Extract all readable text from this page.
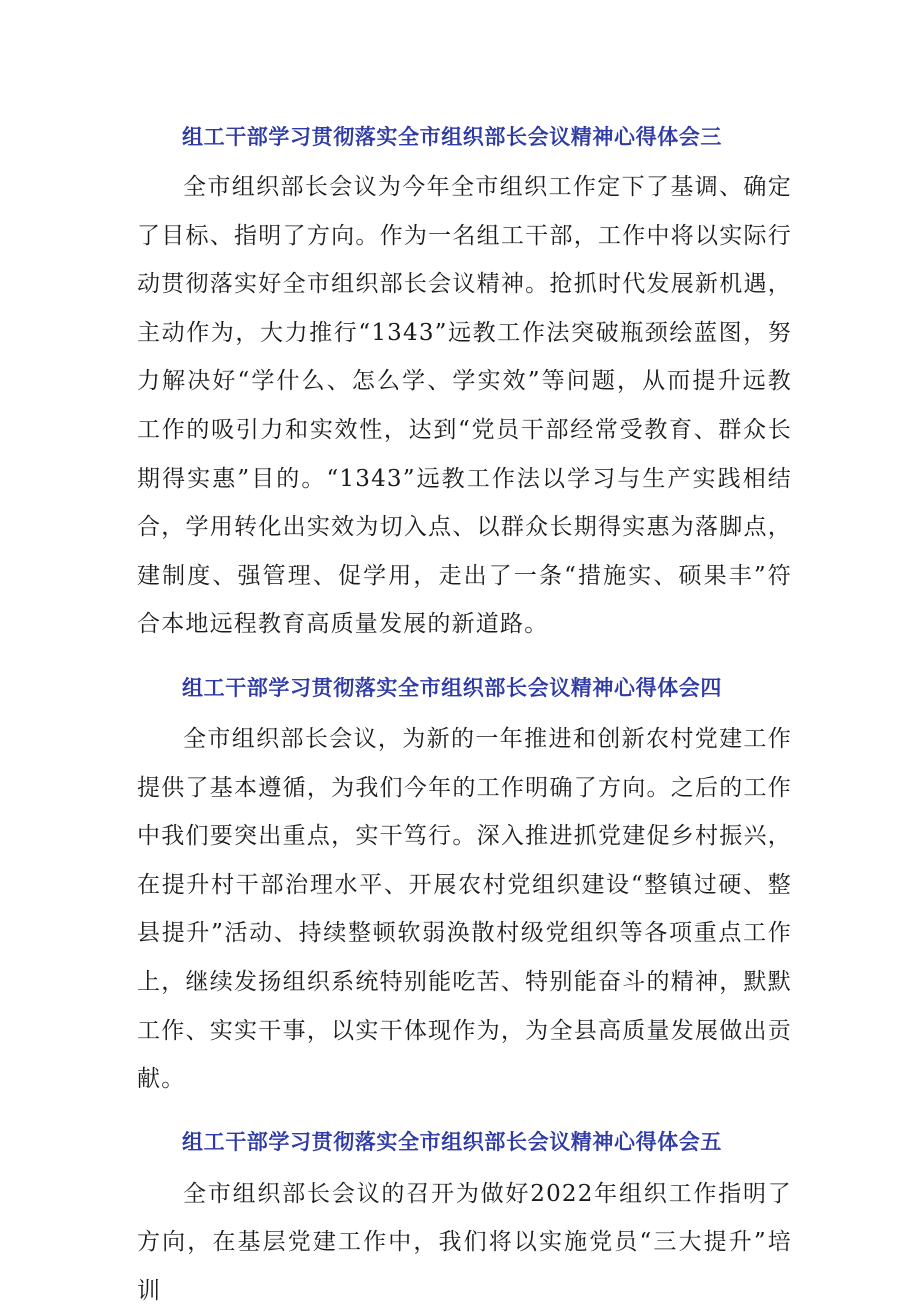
组工干部学习贯彻落实全市组织部长会议精神心得体会三

全市组织部长会议为今年全市组织工作定下了基调、确定了目标、指明了方向。作为一名组工干部，工作中将以实际行动贯彻落实好全市组织部长会议精神。抢抓时代发展新机遇，主动作为，大力推行“1343”远教工作法突破瓶颈绘蓝图，努力解决好“学什么、怎么学、学实效”等问题，从而提升远教工作的吸引力和实效性，达到“党员干部经常受教育、群众长期得实惠”目的。“1343”远教工作法以学习与生产实践相结合，学用转化出实效为切入点、以群众长期得实惠为落脚点，建制度、强管理、促学用，走出了一条“措施实、硕果丰”符合本地远程教育高质量发展的新道路。

组工干部学习贯彻落实全市组织部长会议精神心得体会四

全市组织部长会议，为新的一年推进和创新农村党建工作提供了基本遵循，为我们今年的工作明确了方向。之后的工作中我们要突出重点，实干笃行。深入推进抓党建促乡村振兴，在提升村干部治理水平、开展农村党组织建设“整镇过硬、整县提升”活动、持续整顿软弱涣散村级党组织等各项重点工作上，继续发扬组织系统特别能吃苦、特别能奋斗的精神，默默工作、实实干事，以实干体现作为，为全县高质量发展做出贡献。

组工干部学习贯彻落实全市组织部长会议精神心得体会五

全市组织部长会议的召开为做好2022年组织工作指明了方向，在基层党建工作中，我们将以实施党员“三大提升”培训
